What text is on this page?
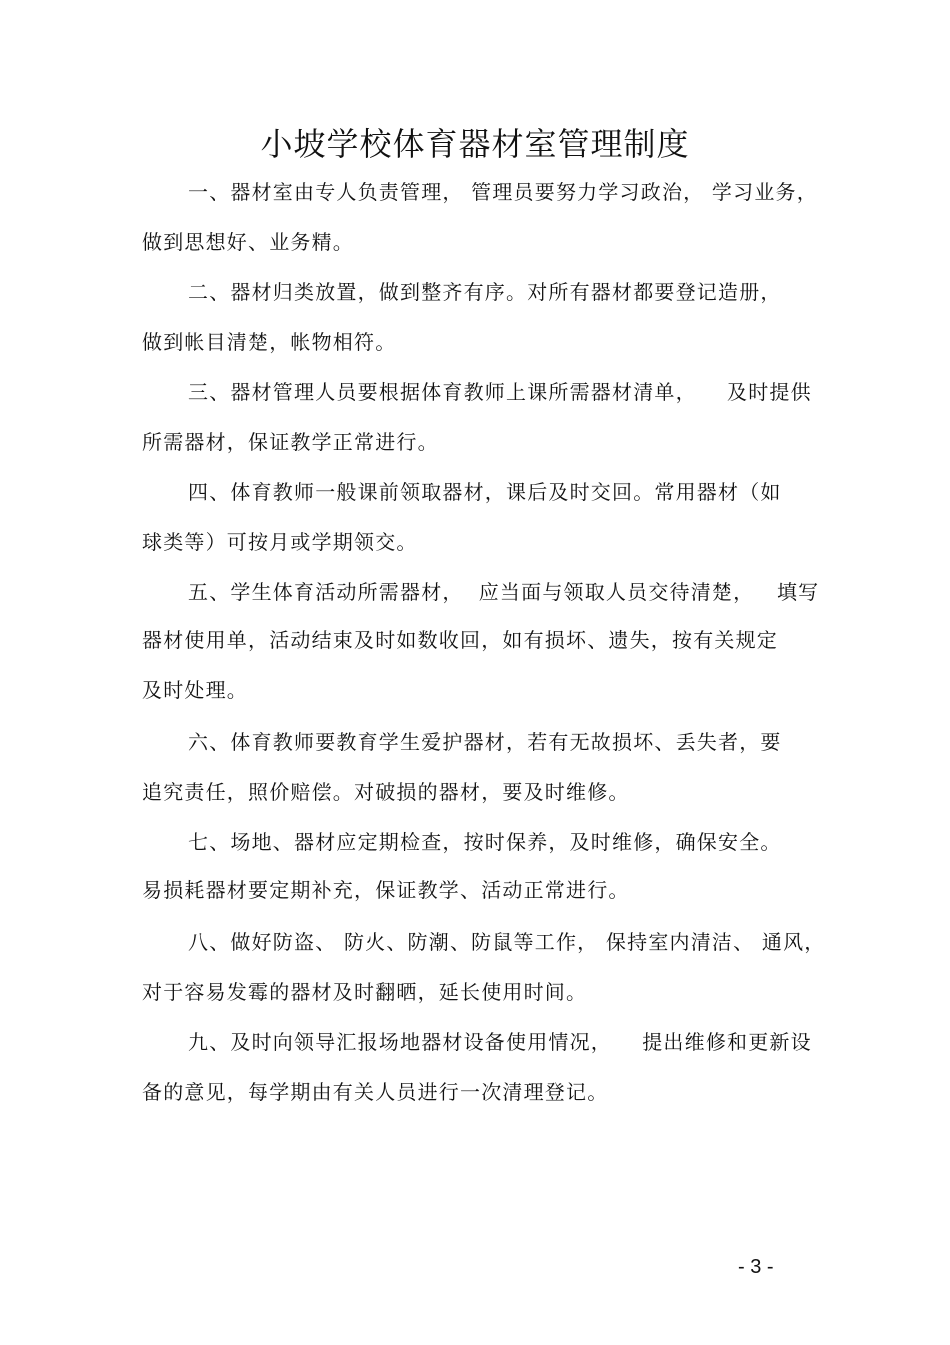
小坡学校体育器材室管理制度
一、器材室由专人负责管理， 管理员要努力学习政治， 学习业务，
做到思想好、业务精。
二、器材归类放置，做到整齐有序。对所有器材都要登记造册，
做到帐目清楚，帐物相符。
三、器材管理人员要根据体育教师上课所需器材清单，    及时提供
所需器材，保证教学正常进行。
四、体育教师一般课前领取器材，课后及时交回。常用器材（如
球类等）可按月或学期领交。
五、学生体育活动所需器材，  应当面与领取人员交待清楚，   填写
器材使用单，活动结束及时如数收回，如有损坏、遗失，按有关规定
及时处理。
六、体育教师要教育学生爱护器材，若有无故损坏、丢失者，要
追究责任，照价赔偿。对破损的器材，要及时维修。
七、场地、器材应定期检查，按时保养，及时维修，确保安全。
易损耗器材要定期补充，保证教学、活动正常进行。
八、做好防盗、 防火、防潮、防鼠等工作， 保持室内清洁、 通风，
对于容易发霉的器材及时翻晒，延长使用时间。
九、及时向领导汇报场地器材设备使用情况，    提出维修和更新设
备的意见，每学期由有关人员进行一次清理登记。
- 3 -
